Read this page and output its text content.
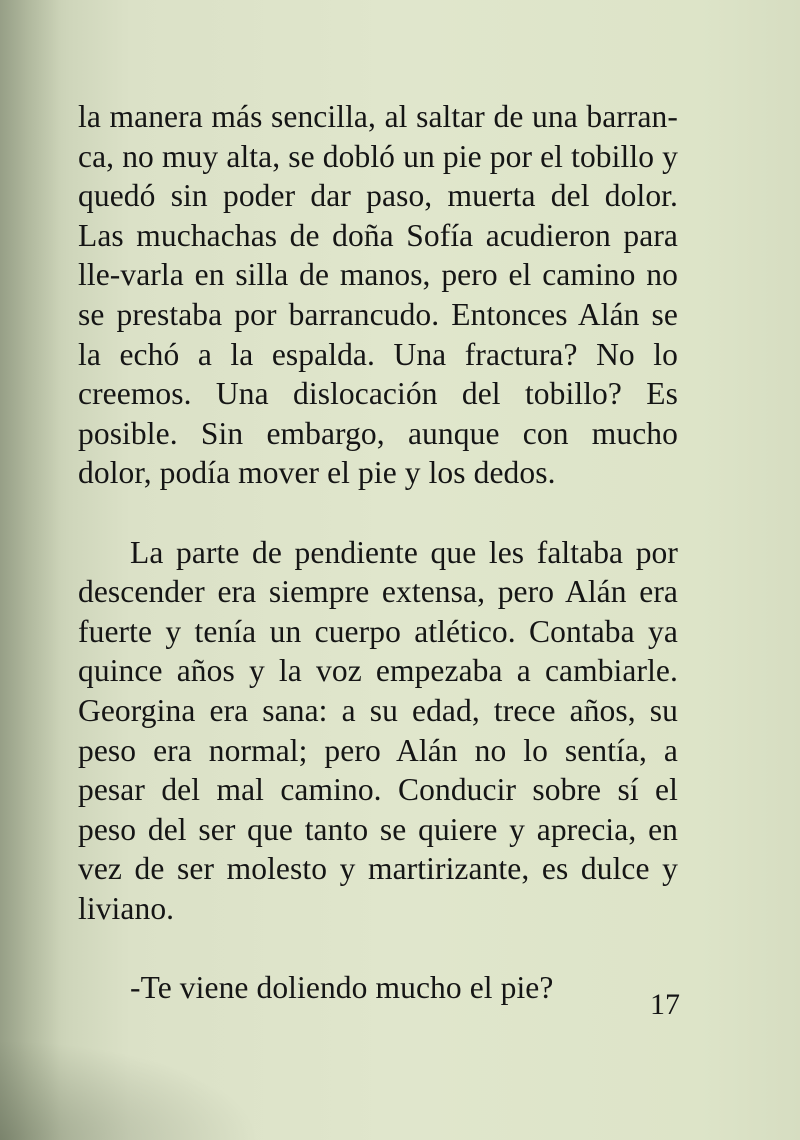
la manera más sencilla, al saltar de una barran-ca, no muy alta, se dobló un pie por el tobillo y quedó sin poder dar paso, muerta del dolor. Las muchachas de doña Sofía acudieron para lle-varla en silla de manos, pero el camino no se prestaba por barrancudo. Entonces Alán se la echó a la espalda. Una fractura? No lo creemos. Una dislocación del tobillo? Es posible. Sin embargo, aunque con mucho dolor, podía mover el pie y los dedos.

La parte de pendiente que les faltaba por descender era siempre extensa, pero Alán era fuerte y tenía un cuerpo atlético. Contaba ya quince años y la voz empezaba a cambiarle. Georgina era sana: a su edad, trece años, su peso era normal; pero Alán no lo sentía, a pesar del mal camino. Conducir sobre sí el peso del ser que tanto se quiere y aprecia, en vez de ser molesto y martirizante, es dulce y liviano.

-Te viene doliendo mucho el pie?	17
